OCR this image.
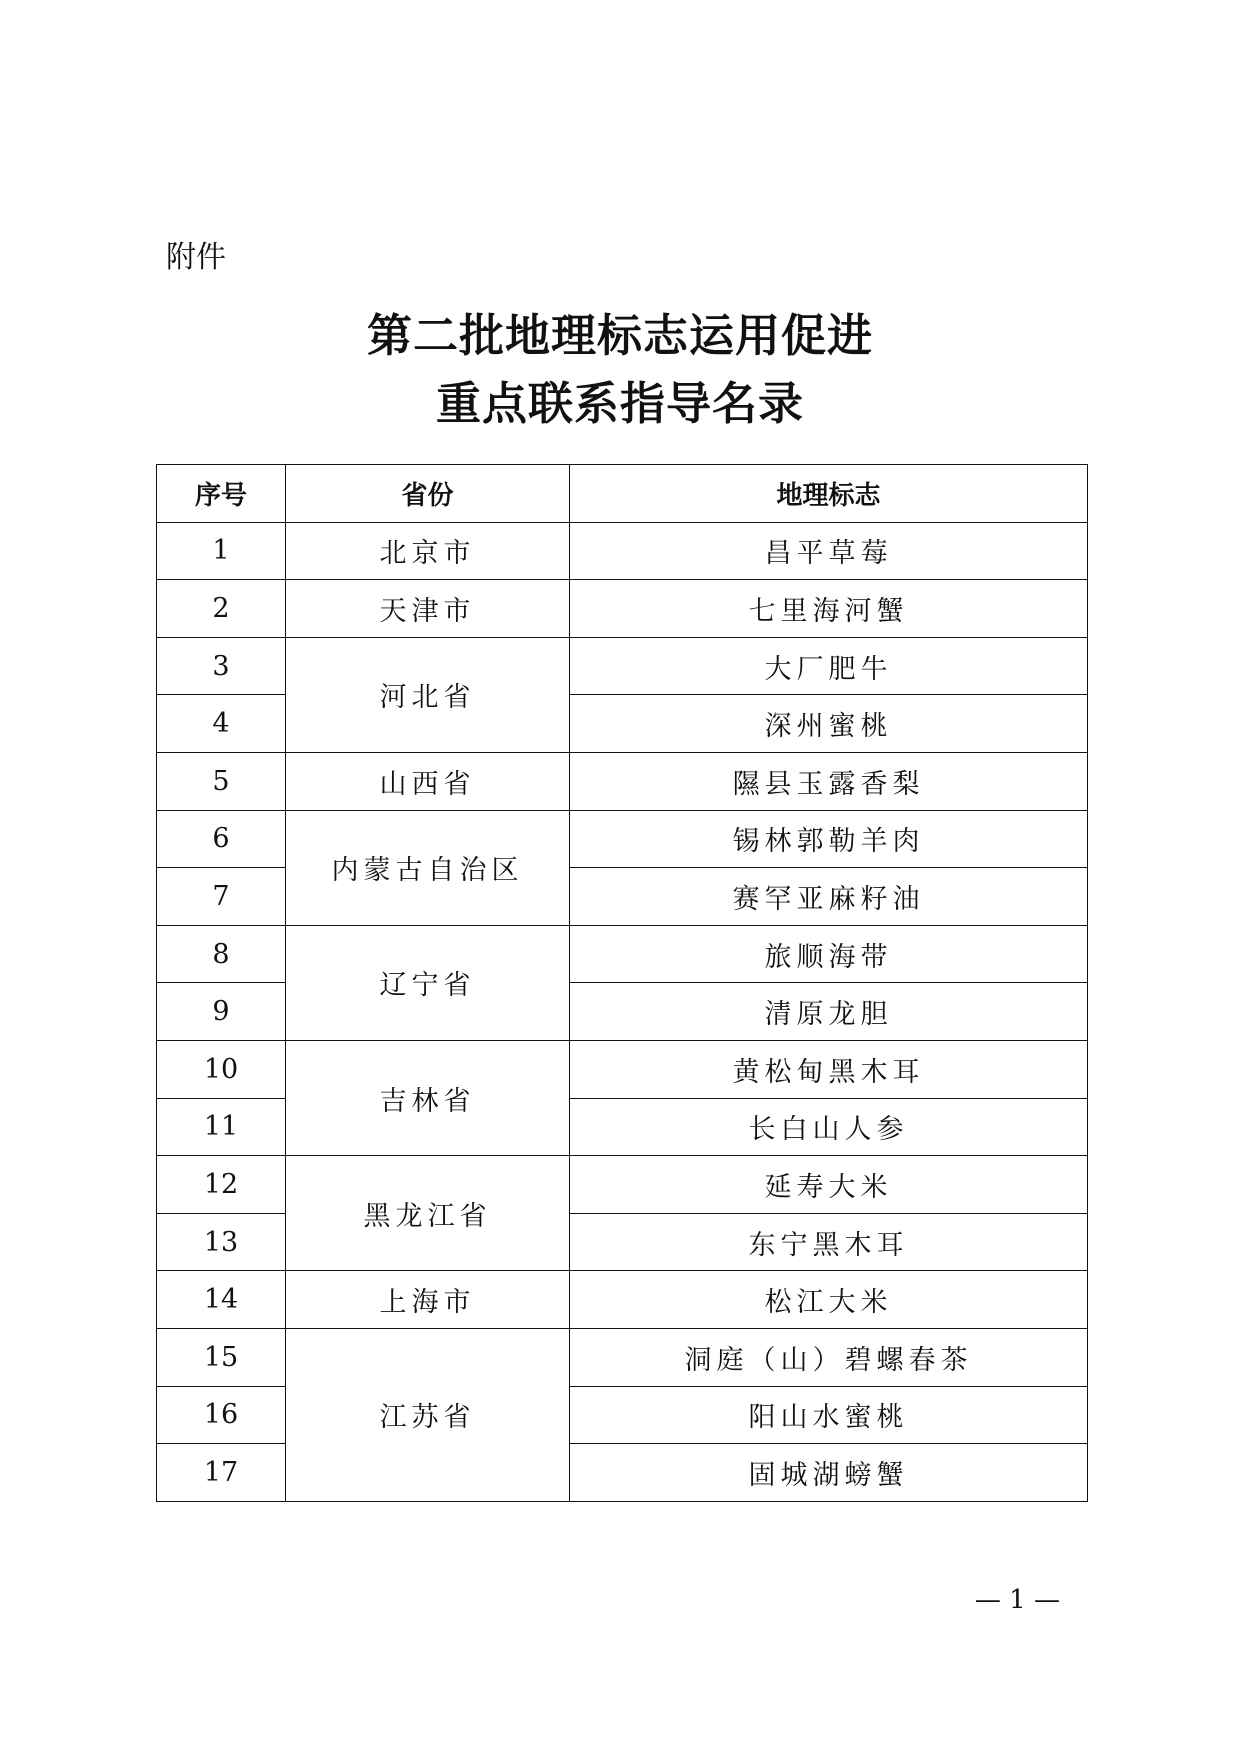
附件
第二批地理标志运用促进
重点联系指导名录
序号	省份	地理标志
1	北京市	昌平草莓
2	天津市	七里海河蟹
3	河北省	大厂肥牛
4		深州蜜桃
5	山西省	隰县玉露香梨
6	内蒙古自治区	锡林郭勒羊肉
7		赛罕亚麻籽油
8	辽宁省	旅顺海带
9		清原龙胆
10	吉林省	黄松甸黑木耳
11		长白山人参
12	黑龙江省	延寿大米
13		东宁黑木耳
14	上海市	松江大米
15	江苏省	洞庭（山）碧螺春茶
16		阳山水蜜桃
17		固城湖螃蟹
— 1 —
